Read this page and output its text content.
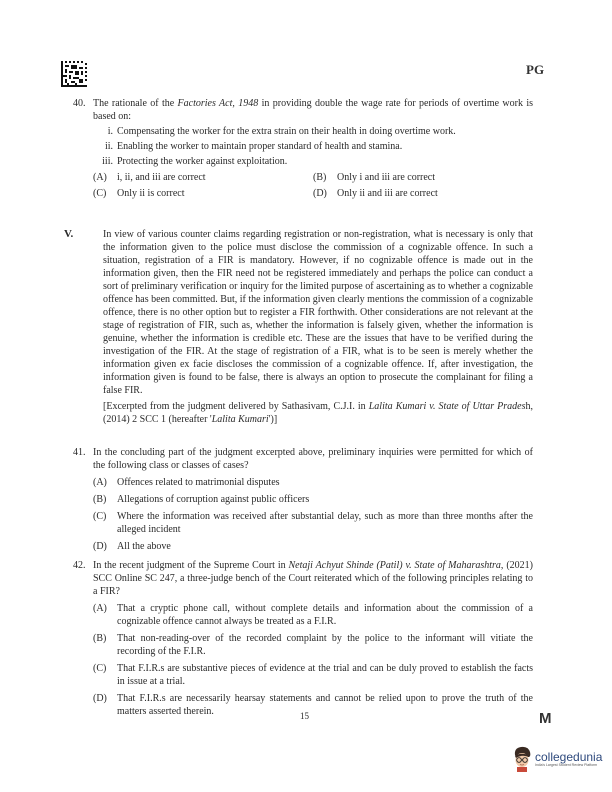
PG
40. The rationale of the Factories Act, 1948 in providing double the wage rate for periods of overtime work is based on:
i. Compensating the worker for the extra strain on their health in doing overtime work.
ii. Enabling the worker to maintain proper standard of health and stamina.
iii. Protecting the worker against exploitation.
(A) i, ii, and iii are correct	(B) Only i and iii are correct
(C) Only ii is correct	(D) Only ii and iii are correct
V.	In view of various counter claims regarding registration or non-registration, what is necessary is only that the information given to the police must disclose the commission of a cognizable offence. In such a situation, registration of a FIR is mandatory. However, if no cognizable offence is made out in the information given, then the FIR need not be registered immediately and perhaps the police can conduct a sort of preliminary verification or inquiry for the limited purpose of ascertaining as to whether a cognizable offence has been committed. But, if the information given clearly mentions the commission of a cognizable offence, there is no other option but to register a FIR forthwith. Other considerations are not relevant at the stage of registration of FIR, such as, whether the information is falsely given, whether the information is genuine, whether the information is credible etc. These are the issues that have to be verified during the investigation of the FIR. At the stage of registration of a FIR, what is to be seen is merely whether the information given ex facie discloses the commission of a cognizable offence. If, after investigation, the information given is found to be false, there is always an option to prosecute the complainant for filing a false FIR.
[Excerpted from the judgment delivered by Sathasivam, C.J.I. in Lalita Kumari v. State of Uttar Pradesh, (2014) 2 SCC 1 (hereafter 'Lalita Kumari')]
41. In the concluding part of the judgment excerpted above, preliminary inquiries were permitted for which of the following class or classes of cases?
(A) Offences related to matrimonial disputes
(B) Allegations of corruption against public officers
(C) Where the information was received after substantial delay, such as more than three months after the alleged incident
(D) All the above
42. In the recent judgment of the Supreme Court in Netaji Achyut Shinde (Patil) v. State of Maharashtra, (2021) SCC Online SC 247, a three-judge bench of the Court reiterated which of the following principles relating to a FIR?
(A) That a cryptic phone call, without complete details and information about the commission of a cognizable offence cannot always be treated as a F.I.R.
(B) That non-reading-over of the recorded complaint by the police to the informant will vitiate the recording of the F.I.R.
(C) That F.I.R.s are substantive pieces of evidence at the trial and can be duly proved to establish the facts in issue at a trial.
(D) That F.I.R.s are necessarily hearsay statements and cannot be relied upon to prove the truth of the matters asserted therein.	15	M
collegedunia
India's Largest Student Review Platform
